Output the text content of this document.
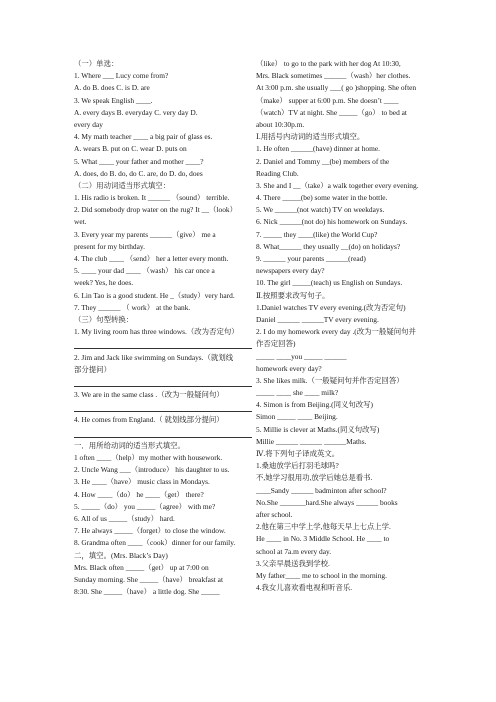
（一）单选：
1. Where ___ Lucy come from?
A. do B. does C. is D. are
3. We speak English ____.
A. every days B. everyday C. very day D.
every day
4. My math teacher ____ a big pair of glass es.
A. wears B. put on C. wear D. puts on
5. What ____ your father and mother ____?
A. does, do B. do, do C. are, do D. do, does
（二）用动词适当形式填空：
1. His radio is broken. It ______ （sound） terrible.
2. Did somebody drop water on the rug? It __（look）
wet.
3. Every year my parents ______（give） me a
present for my birthday.
4. The club ____ （send） her a letter every month.
5. ____ your dad ____ （wash） his car once a
week? Yes, he does.
6. Lin Tao is a good student. He _（study）very hard.
7. They ______ （ work） at the bank.
（三）句型转换：
1. My living room has three windows.（改为否定句）
2. Jim and Jack like swimming on Sundays.（就划线
部分提问）
3. We are in the same class .（改为一般疑问句）
4. He comes from England.（ 就划线部分提问）
一．用所给动词的适当形式填空。
1 often ____（help）my mother with housework.
2. Uncle Wang ___（introduce） his daughter to us.
3. He ____（have） music class in Mondays.
4. How ____（do） he ____（get） there?
5. _____（do） you _____（agree） with me?
6. All of us _____（study） hard.
7. He always _____（forget）to close the window.
8. Grandma often ____（cook）dinner for our family.
二，填空。(Mrs. Black’s Day)
Mrs. Black often _____（get） up at 7:00 on
Sunday morning. She _____（have） breakfast at
8:30. She _____（have） a little dog. She _____
（like） to go to the park with her dog At 10:30,
Mrs. Black sometimes ______（wash）her clothes.
At 3:00 p.m. she usually ___( go )shopping. She often
（make） supper at 6:00 p.m. She doesn’t ____
（watch）TV at night. She _____（go） to bed at
about 10:30p.m.
Ⅰ.用括号内动词的适当形式填空。
1. He often ______(have) dinner at home.
2. Daniel and Tommy __(be) members of the
Reading Club.
3. She and I __（take）a walk together every evening.
4. There _____(be) some water in the bottle.
5. We ______(not watch) TV on weekdays.
6. Nick ______(not do) his homework on Sundays.
7. _____ they ____(like) the World Cup?
8. What______ they usually __(do) on holidays?
9. ______ your parents ______(read)
newspapers every day?
10. The girl _____(teach) us English on Sundays.
Ⅱ.按照要求改写句子。
1.Daniel watches TV every evening.(改为否定句)
Daniel ______ ______TV every evening.
2. I do my homework every day .(改为一般疑问句并
作否定回答)
_____ ____you _____ ______
homework every day?
3. She likes milk.（一般疑问句并作否定回答）
_____ ____ she ____ milk?
4. Simon is from Beijing.(同义句改写)
Simon _____ ____ Beijing.
5. Millie is clever at Maths.(同义句改写)
Millie ______ ______ ______Maths.
Ⅳ.将下列句子译成英文。
1.桑迪放学后打羽毛球吗?
不,她学习很用功,放学后她总是看书.
____Sandy ______ badminton after school?
No.She _______hard.She always ______ books
after school.
2.他在第三中学上学,他每天早上七点上学.
He ____ in No. 3 Middle School. He ____ to
school at 7a.m every day.
3.父亲早晨送我到学校.
My father____ me to school in the morning.
4.我女儿喜欢看电视和听音乐.
